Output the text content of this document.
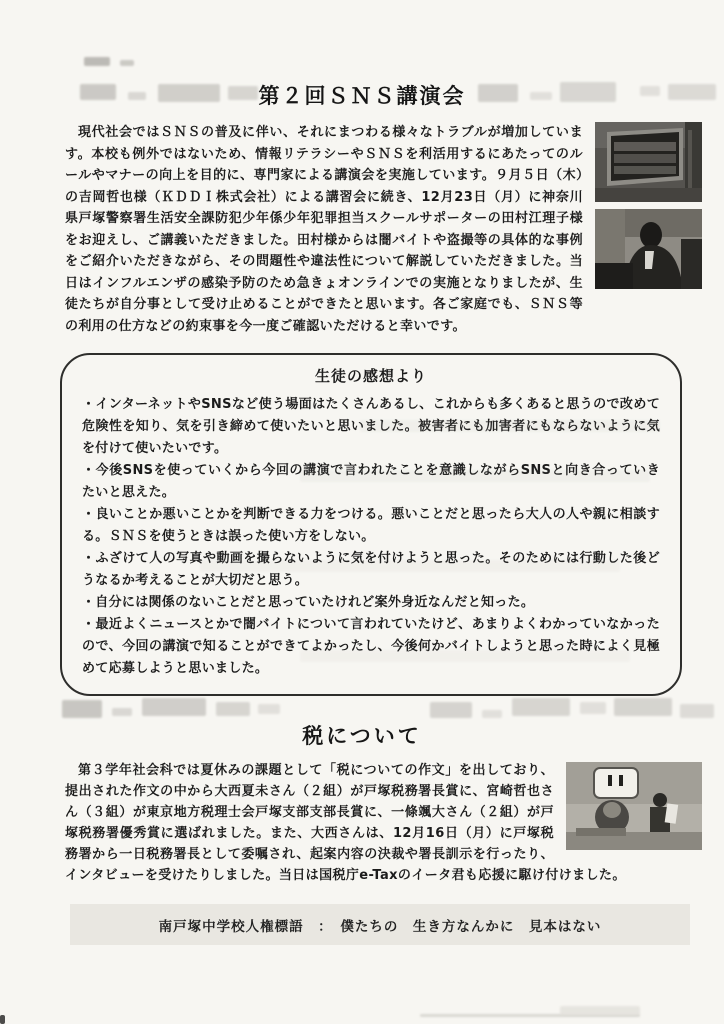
第２回ＳＮＳ講演会

現代社会ではＳＮＳの普及に伴い、それにまつわる様々なトラブルが増加しています。本校も例外ではないため、情報リテラシーやＳＮＳを利活用するにあたってのルールやマナーの向上を目的に、専門家による講演会を実施しています。９月５日（木）の吉岡哲也様（ＫＤＤＩ株式会社）による講習会に続き、12月23日（月）に神奈川県戸塚警察署生活安全課防犯少年係少年犯罪担当スクールサポーターの田村江理子様をお迎えし、ご講義いただきました。田村様からは闇バイトや盗撮等の具体的な事例をご紹介いただきながら、その問題性や違法性について解説していただきました。当日はインフルエンザの感染予防のため急きょオンラインでの実施となりましたが、生徒たちが自分事として受け止めることができたと思います。各ご家庭でも、ＳＮＳ等の利用の仕方などの約束事を今一度ご確認いただけると幸いです。

生徒の感想より

・インターネットやSNSなど使う場面はたくさんあるし、これからも多くあると思うので改めて危険性を知り、気を引き締めて使いたいと思いました。被害者にも加害者にもならないように気を付けて使いたいです。

・今後SNSを使っていくから今回の講演で言われたことを意識しながらSNSと向き合っていきたいと思えた。

・良いことか悪いことかを判断できる力をつける。悪いことだと思ったら大人の人や親に相談する。ＳＮＳを使うときは誤った使い方をしない。

・ふざけて人の写真や動画を撮らないように気を付けようと思った。そのためには行動した後どうなるか考えることが大切だと思う。

・自分には関係のないことだと思っていたけれど案外身近なんだと知った。

・最近よくニュースとかで闇バイトについて言われていたけど、あまりよくわかっていなかったので、今回の講演で知ることができてよかったし、今後何かバイトしようと思った時によく見極めて応募しようと思いました。

税について

第３学年社会科では夏休みの課題として「税についての作文」を出しており、提出された作文の中から大西夏未さん（２組）が戸塚税務署長賞に、宮崎哲也さん（３組）が東京地方税理士会戸塚支部支部長賞に、一條颯大さん（２組）が戸塚税務署優秀賞に選ばれました。また、大西さんは、12月16日（月）に戸塚税務署から一日税務署長として委嘱され、起案内容の決裁や署長訓示を行ったり、インタビューを受けたりしました。当日は国税庁e-Taxのイータ君も応援に駆け付けました。

南戸塚中学校人権標語　：　僕たちの　生き方なんかに　見本はない
